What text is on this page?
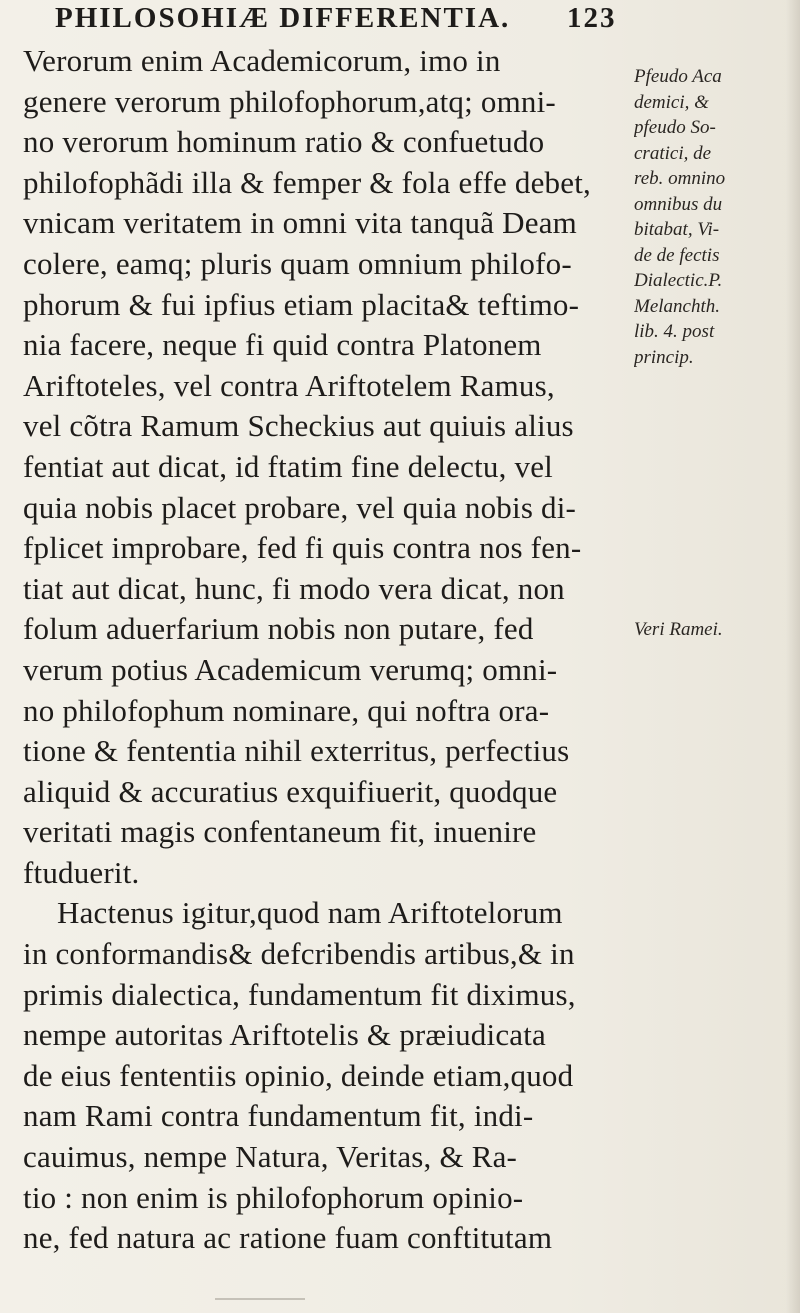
PHILOSOHIÆ DIFFERENTIA. 123
Verorum enim Academicorum, imo in
genere verorum philofophorum,atq; omni-
no verorum hominum ratio & confuetudo
philofophãdi illa & femper & fola effe debet,
vnicam veritatem in omni vita tanquã Deam
colere, eamq; pluris quam omnium philofo-
phorum & fui ipfius etiam placita& teftimo-
nia facere, neque fi quid contra Platonem
Ariftoteles, vel contra Ariftotelem Ramus,
vel cõtra Ramum Scheckius aut quiuis alius
fentiat aut dicat, id ftatim fine delectu, vel
quia nobis placet probare, vel quia nobis di-
fplicet improbare, fed fi quis contra nos fen-
tiat aut dicat, hunc, fi modo vera dicat, non
folum aduerfarium nobis non putare, fed
verum potius Academicum verumq; omni-
no philofophum nominare, qui noftra ora-
tione & fententia nihil exterritus, perfectius
aliquid & accuratius exquifiuerit, quodque
veritati magis confentaneum fit, inuenire
ftuduerit.
Hactenus igitur,quod nam Ariftotelorum
in conformandis& defcribendis artibus,& in
primis dialectica, fundamentum fit diximus,
nempe autoritas Ariftotelis & præiudicata
de eius fententiis opinio, deinde etiam,quod
nam Rami contra fundamentum fit, indi-
cauimus, nempe Natura, Veritas, & Ra-
tio : non enim is philofophorum opinio-
ne, fed natura ac ratione fuam conftitutam
Pfeudo Aca
demici, &
pfeudo So-
cratici, de
reb. omnino
omnibus du
bitabat, Vi-
de de fectis
Dialectic.P.
Melanchth.
lib. 4. post
princip.
Veri Ramei.
